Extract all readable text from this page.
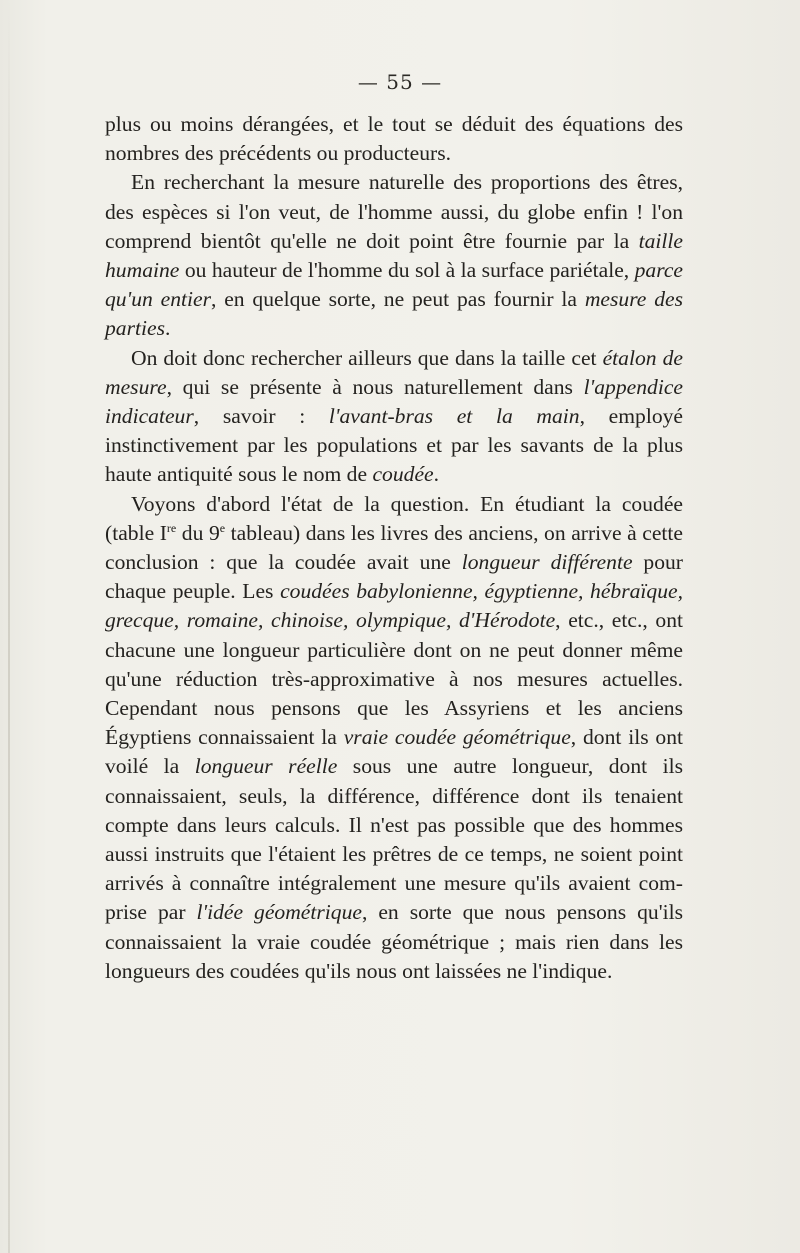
— 55 —

plus ou moins dérangées, et le tout se déduit des équations des nombres des précédents ou producteurs.

En recherchant la mesure naturelle des proportions des êtres, des espèces si l'on veut, de l'homme aussi, du globe enfin ! l'on comprend bientôt qu'elle ne doit point être fournie par la taille humaine ou hauteur de l'homme du sol à la surface pariétale, parce qu'un entier, en quelque sorte, ne peut pas fournir la mesure des parties.

On doit donc rechercher ailleurs que dans la taille cet étalon de mesure, qui se présente à nous naturellement dans l'appendice indicateur, savoir : l'avant-bras et la main, employé instinctivement par les populations et par les savants de la plus haute antiquité sous le nom de coudée.

Voyons d'abord l'état de la question. En étudiant la coudée (table Ire du 9e tableau) dans les livres des anciens, on arrive à cette conclusion : que la coudée avait une longueur différente pour chaque peuple. Les coudées babylonienne, égyptienne, hébraïque, grecque, romaine, chinoise, olympique, d'Hérodote, etc., etc., ont chacune une longueur particulière dont on ne peut donner même qu'une réduction très-approximative à nos mesures actuelles. Cependant nous pensons que les Assyriens et les anciens Égyptiens connaissaient la vraie coudée géométrique, dont ils ont voilé la longueur réelle sous une autre longueur, dont ils connaissaient, seuls, la différence, différence dont ils tenaient compte dans leurs calculs. Il n'est pas possible que des hommes aussi instruits que l'étaient les prêtres de ce temps, ne soient point arrivés à connaître intégralement une mesure qu'ils avaient comprise par l'idée géométrique, en sorte que nous pensons qu'ils connaissaient la vraie coudée géométrique ; mais rien dans les longueurs des coudées qu'ils nous ont laissées ne l'indique.
